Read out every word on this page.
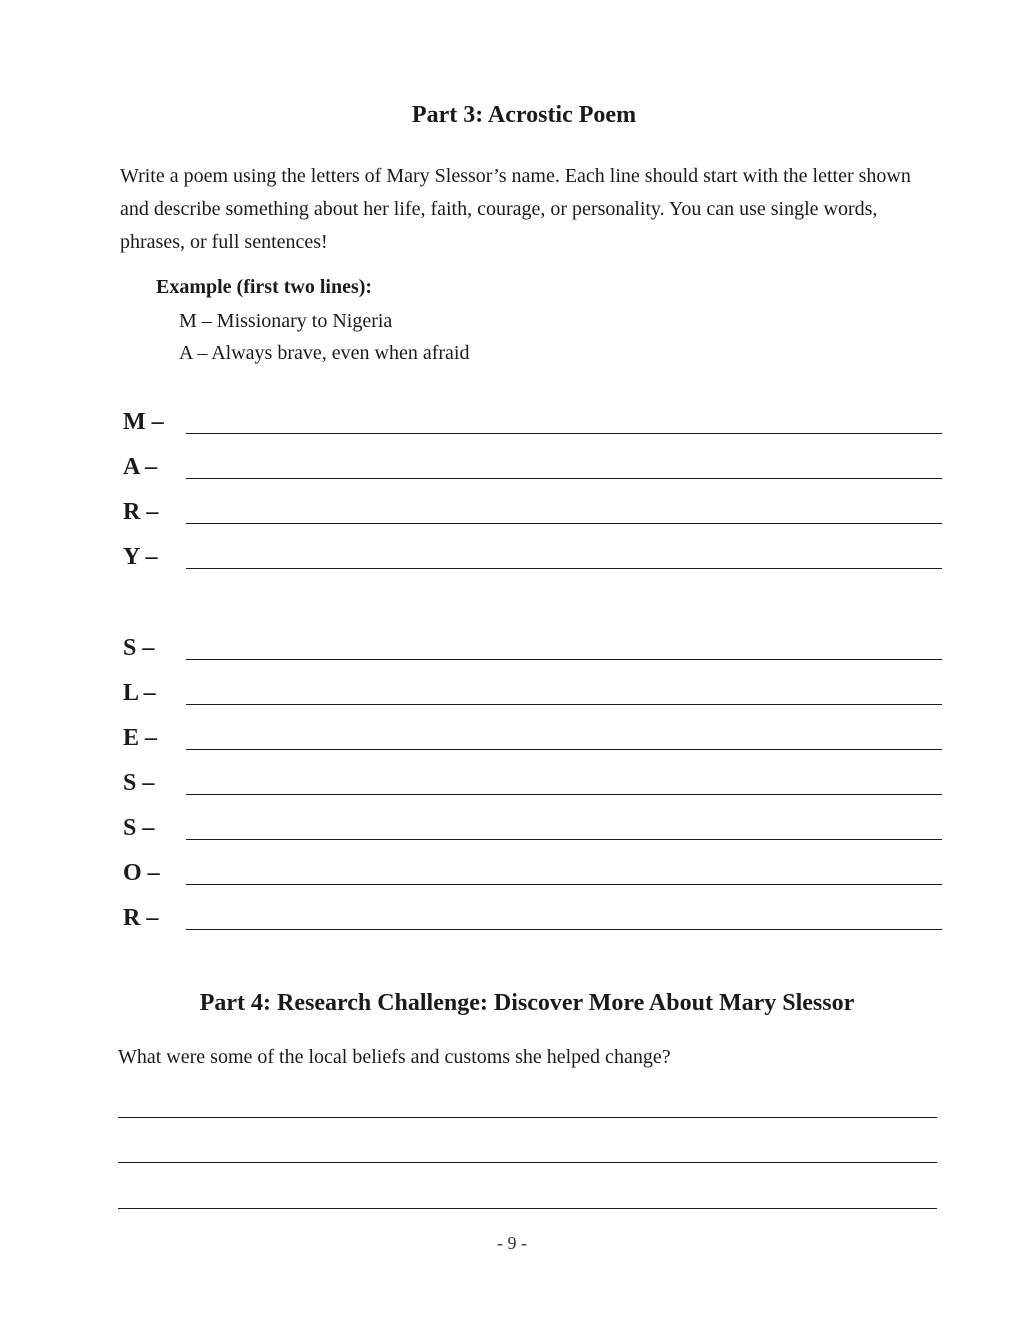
Part 3: Acrostic Poem

Write a poem using the letters of Mary Slessor’s name. Each line should start with the letter shown and describe something about her life, faith, courage, or personality. You can use single words, phrases, or full sentences!

Example (first two lines):

M – Missionary to Nigeria

A – Always brave, even when afraid

M –
A –
R –
Y –
S –
L –
E –
S –
S –
O –
R –
Part 4: Research Challenge: Discover More About Mary Slessor

What were some of the local beliefs and customs she helped change?

- 9 -
